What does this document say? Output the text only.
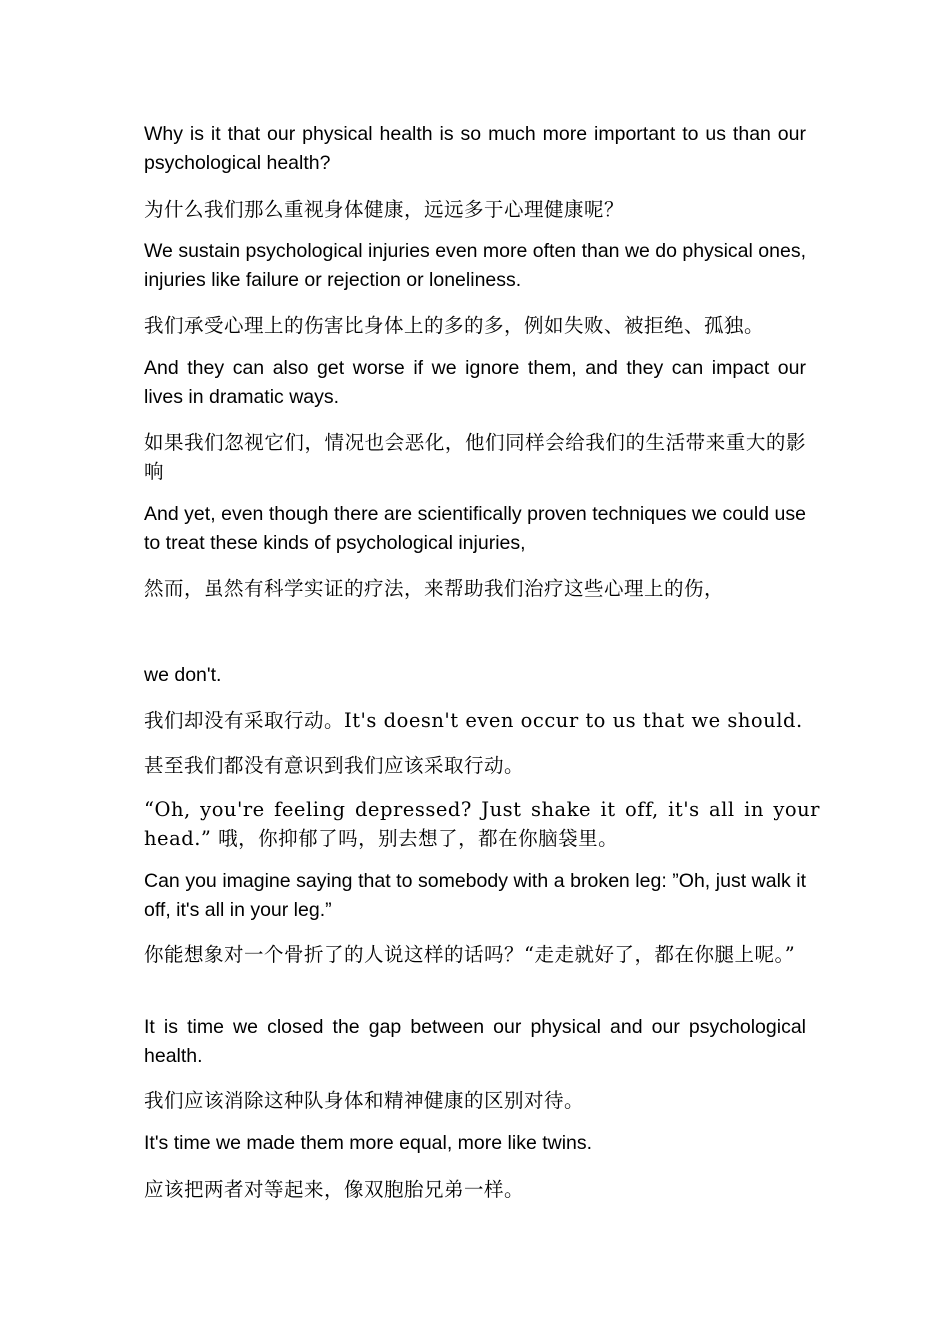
Why is it that our physical health is so much more important to us than our psychological health?

为什么我们那么重视身体健康，远远多于心理健康呢？

We sustain psychological injuries even more often than we do physical ones, injuries like failure or rejection or loneliness.

我们承受心理上的伤害比身体上的多的多，例如失败、被拒绝、孤独。

And they can also get worse if we ignore them, and they can impact our lives in dramatic ways.

如果我们忽视它们，情况也会恶化，他们同样会给我们的生活带来重大的影响

And yet, even though there are scientifically proven techniques we could use to treat these kinds of psychological injuries,

然而，虽然有科学实证的疗法，来帮助我们治疗这些心理上的伤，

we don't.

我们却没有采取行动。It's doesn't even occur to us that we should.

甚至我们都没有意识到我们应该采取行动。

“Oh, you're feeling depressed? Just shake it off, it's all in your head.” 哦，你抑郁了吗，别去想了，都在你脑袋里。

Can you imagine saying that to somebody with a broken leg: ”Oh, just walk it off, it's all in your leg.”

你能想象对一个骨折了的人说这样的话吗？“走走就好了，都在你腿上呢。”

It is time we closed the gap between our physical and our psychological health.

我们应该消除这种队身体和精神健康的区别对待。

It's time we made them more equal, more like twins.

应该把两者对等起来，像双胞胎兄弟一样。
